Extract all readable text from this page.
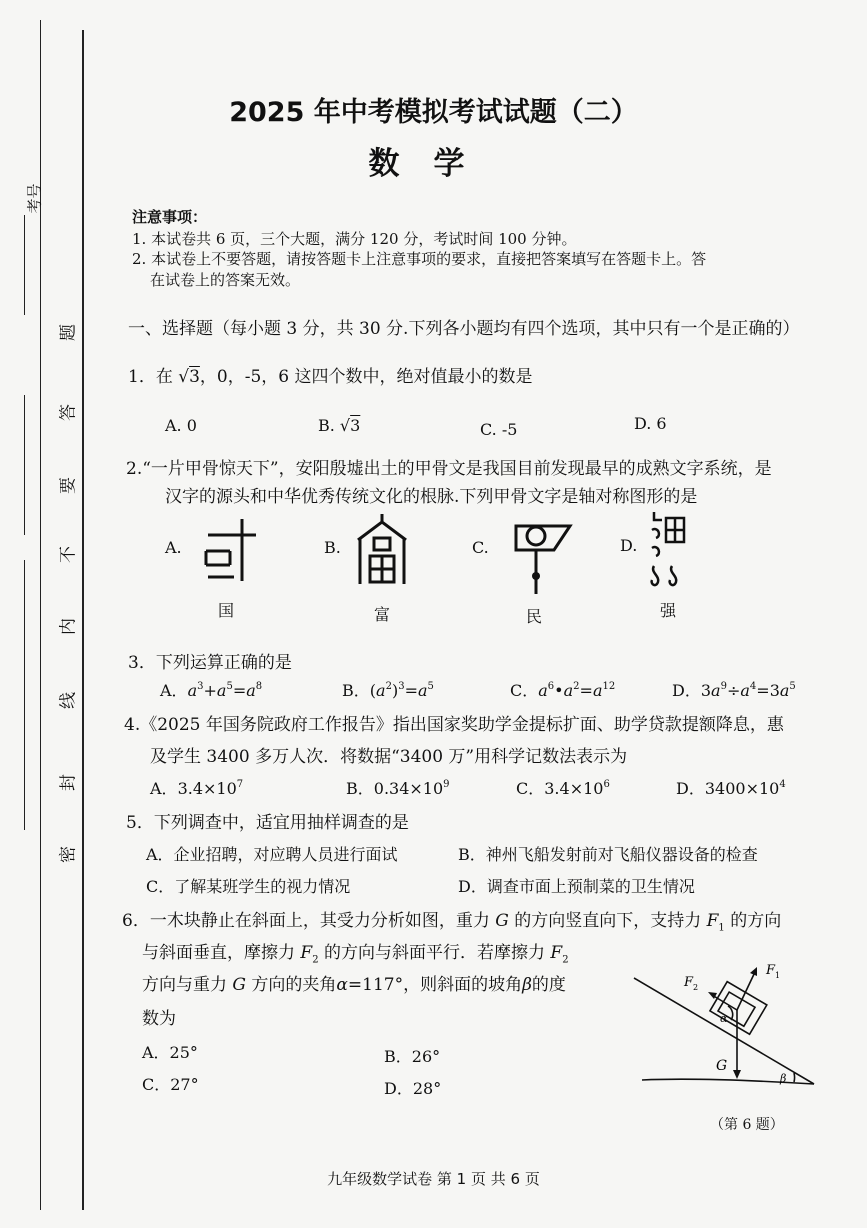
考号
题
答
要
不
内
线
封
密
2025 年中考模拟考试试题（二）
数学
注意事项：
1. 本试卷共 6 页，三个大题，满分 120 分，考试时间 100 分钟。
2. 本试卷上不要答题，请按答题卡上注意事项的要求，直接把答案填写在答题卡上。答
在试卷上的答案无效。
一、选择题（每小题 3 分，共 30 分.下列各小题均有四个选项，其中只有一个是正确的）
1．在 √3，0，-5，6 这四个数中，绝对值最小的数是
A. 0	B. √3	C. -5	D. 6
2.“一片甲骨惊天下”，安阳殷墟出土的甲骨文是我国目前发现最早的成熟文字系统，是
汉字的源头和中华优秀传统文化的根脉.下列甲骨文字是轴对称图形的是
A.
国
B.
富
C.
民
D.
强
3．下列运算正确的是
A．$a^3+a^5=a^8$	B．$(a^2)^3=a^5$	C．$a^6•a^2=a^{12}$	D．$3a^9\div a^4=3a^5$
4.《2025 年国务院政府工作报告》指出国家奖助学金提标扩面、助学贷款提额降息，惠
及学生 3400 多万人次．将数据“3400 万”用科学记数法表示为
A．$3.4\times 10^7$	B．$0.34\times 10^9$	C．$3.4\times 10^6$	D．$3400\times 10^4$
5．下列调查中，适宜用抽样调查的是
A．企业招聘，对应聘人员进行面试	B．神州飞船发射前对飞船仪器设备的检查
C．了解某班学生的视力情况	D．调查市面上预制菜的卫生情况
6．一木块静止在斜面上，其受力分析如图，重力 G 的方向竖直向下，支持力 $F_1$ 的方向
与斜面垂直，摩擦力 $F_2$ 的方向与斜面平行．若摩擦力 $F_2$
方向与重力 G 方向的夹角α=117°，则斜面的坡角β的度
数为
A．25°	B．26°
C．27°	D．28°
F 1
F 2
G
α
β
（第 6 题）
九年级数学试卷 第 1 页 共 6 页
